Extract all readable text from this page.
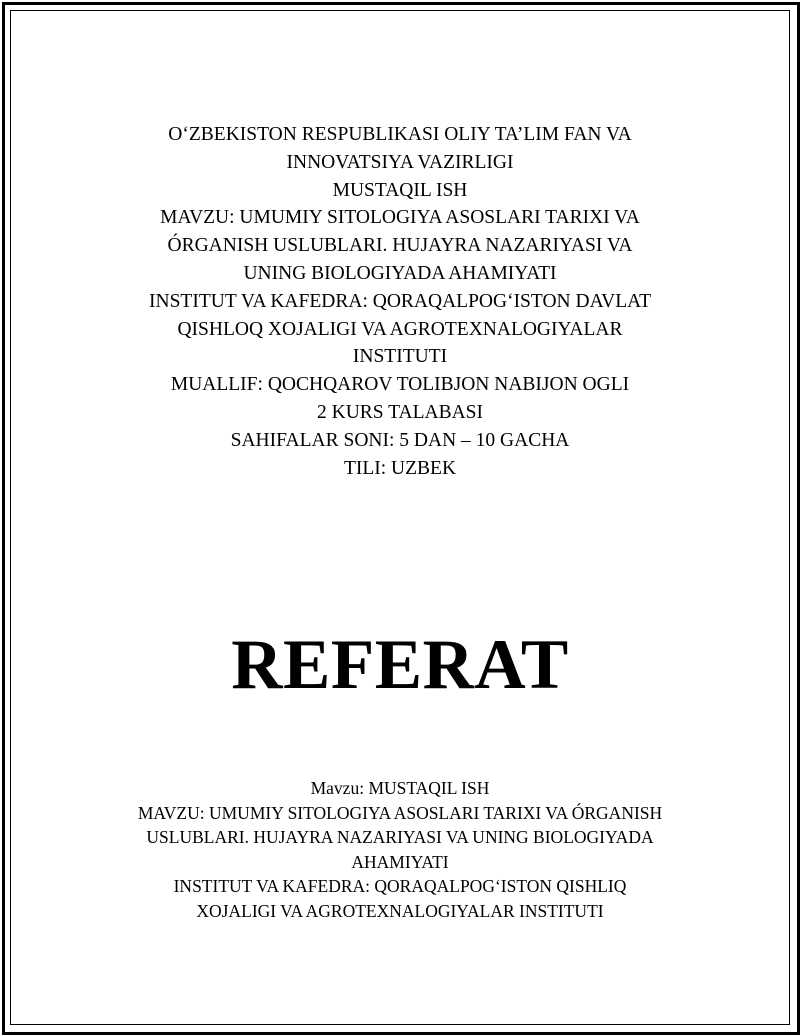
O‘ZBEKISTON RESPUBLIKASI OLIY TA’LIM FAN VA
INNOVATSIYA VAZIRLIGI
MUSTAQIL ISH
MAVZU: UMUMIY SITOLOGIYA ASOSLARI TARIXI VA
ÓRGANISH USLUBLARI. HUJAYRA NAZARIYASI VA
UNING BIOLOGIYADA AHAMIYATI
INSTITUT VA KAFEDRA: QORAQALPOG‘ISTON DAVLAT
QISHLOQ XOJALIGI VA AGROTEXNALOGIYALAR
INSTITUTI
MUALLIF: QOCHQAROV TOLIBJON NABIJON OGLI
2 KURS TALABASI
SAHIFALAR SONI: 5 DAN – 10 GACHA
TILI: UZBEK
REFERAT
Mavzu: MUSTAQIL ISH
MAVZU: UMUMIY SITOLOGIYA ASOSLARI TARIXI VA ÓRGANISH
USLUBLARI. HUJAYRA NAZARIYASI VA UNING BIOLOGIYADA
AHAMIYATI
INSTITUT VA KAFEDRA: QORAQALPOG‘ISTON QISHLIQ
XOJALIGI VA AGROTEXNALOGIYALAR INSTITUTI
